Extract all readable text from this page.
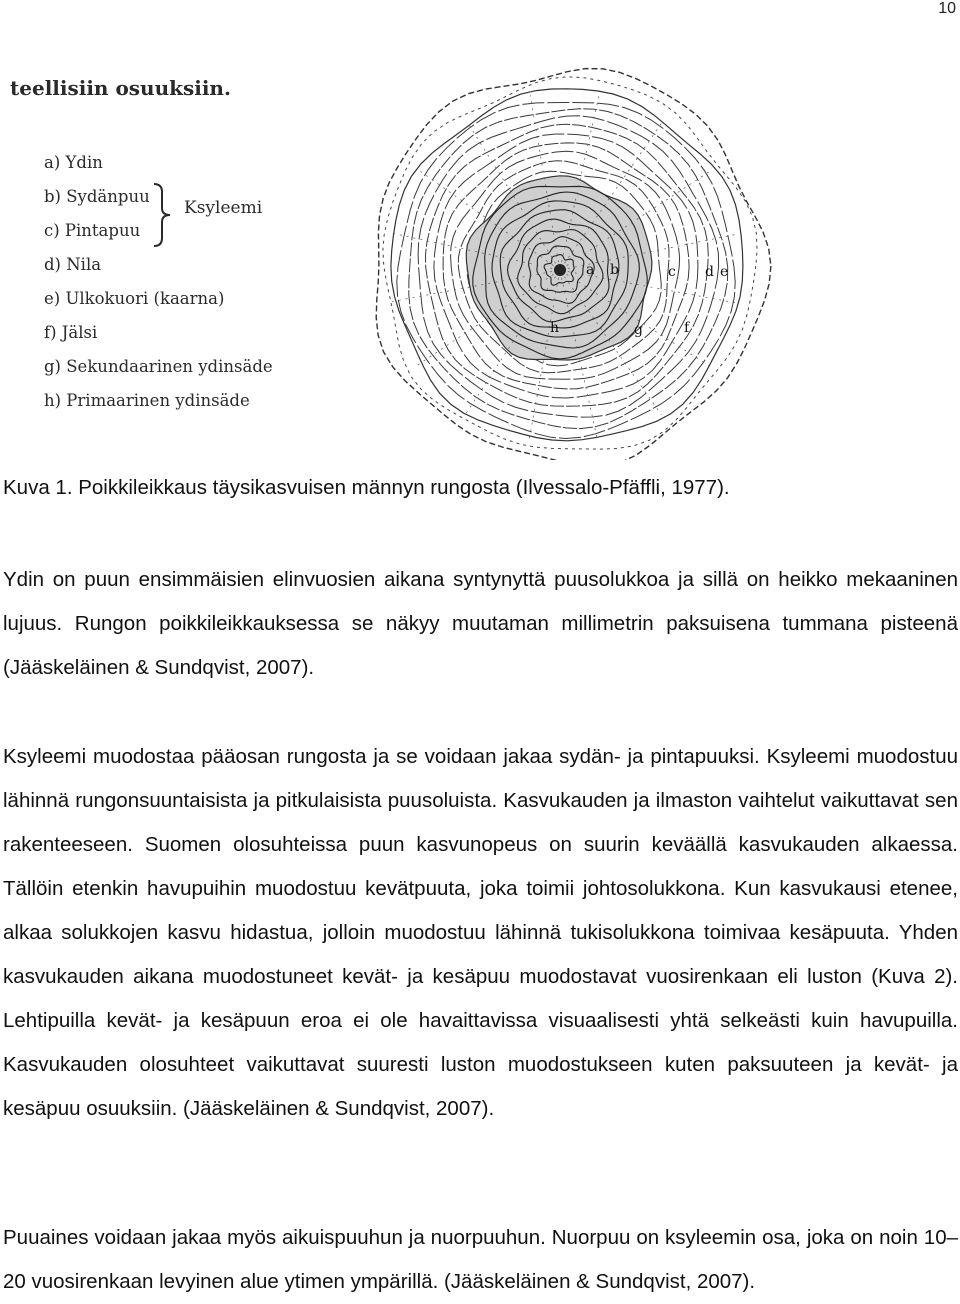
10
teellisiin osuuksiin.
a) Ydin
b) Sydänpuu
c) Pintapuu
d) Nila
e) Ulkokuori (kaarna)
f) Jälsi
g) Sekundaarinen ydinsäde
h) Primaarinen ydinsäde
Ksyleemi
a b	c d e
f
g
h
Kuva 1. Poikkileikkaus täysikasvuisen männyn rungosta (Ilvessalo-Pfäffli, 1977).

Ydin on puun ensimmäisien elinvuosien aikana syntynyttä puusolukkoa ja sillä on heikko mekaaninen lujuus. Rungon poikkileikkauksessa se näkyy muutaman millimetrin paksuisena tummana pisteenä (Jääskeläinen & Sundqvist, 2007).

Ksyleemi muodostaa pääosan rungosta ja se voidaan jakaa sydän- ja pintapuuksi. Ksyleemi muodostuu lähinnä rungonsuuntaisista ja pitkulaisista puusoluista. Kasvukauden ja ilmaston vaihtelut vaikuttavat sen rakenteeseen. Suomen olosuhteissa puun kasvunopeus on suurin keväällä kasvukauden alkaessa. Tällöin etenkin havupuihin muodostuu kevätpuuta, joka toimii johtosolukkona. Kun kasvukausi etenee, alkaa solukkojen kasvu hidastua, jolloin muodostuu lähinnä tukisolukkona toimivaa kesäpuuta. Yhden kasvukauden aikana muodostuneet kevät- ja kesäpuu muodostavat vuosirenkaan eli luston (Kuva 2). Lehtipuilla kevät- ja kesäpuun eroa ei ole havaittavissa visuaalisesti yhtä selkeästi kuin havupuilla. Kasvukauden olosuhteet vaikuttavat suuresti luston muodostukseen kuten paksuuteen ja kevät- ja kesäpuu osuuksiin. (Jääskeläinen & Sundqvist, 2007).

Puuaines voidaan jakaa myös aikuispuuhun ja nuorpuuhun. Nuorpuu on ksyleemin osa, joka on noin 10–20 vuosirenkaan levyinen alue ytimen ympärillä. (Jääskeläinen & Sundqvist, 2007).
